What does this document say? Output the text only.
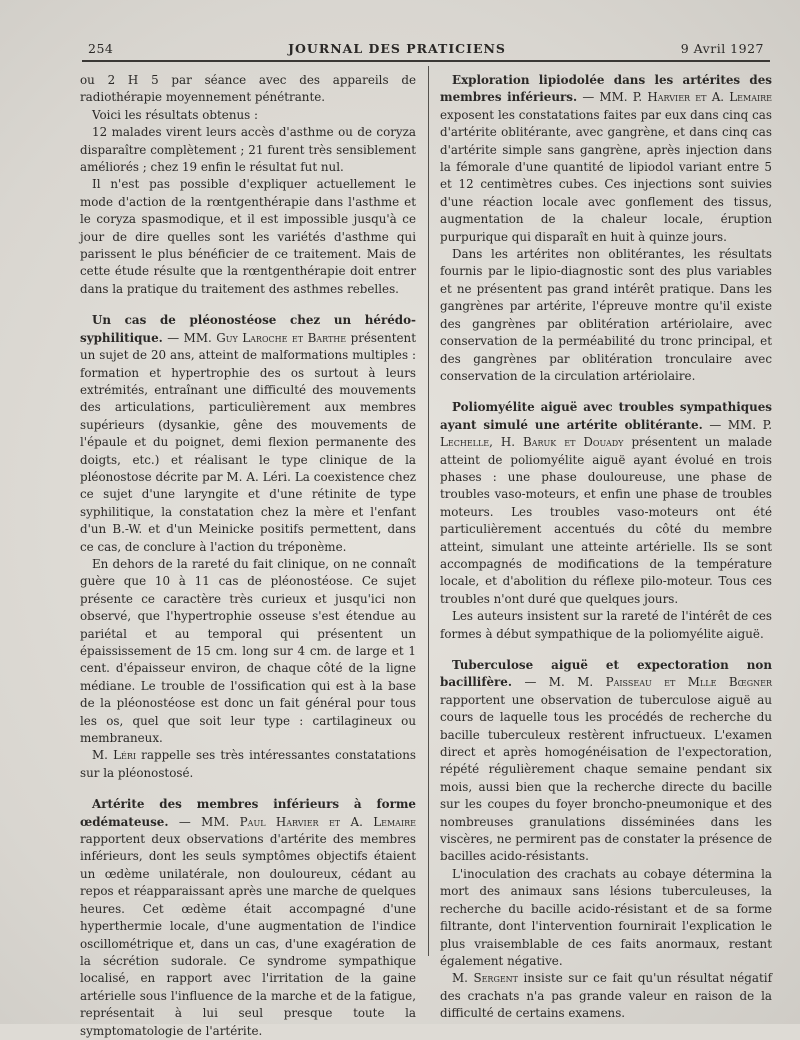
254	JOURNAL DES PRATICIENS	9 Avril 1927

ou 2 H 5 par séance avec des appareils de radiothérapie moyennement pénétrante.

Voici les résultats obtenus :

12 malades virent leurs accès d'asthme ou de coryza disparaître complètement ; 21 furent très sensiblement améliorés ; chez 19 enfin le résultat fut nul.

Il n'est pas possible d'expliquer actuellement le mode d'action de la rœntgenthérapie dans l'asthme et le coryza spasmodique, et il est impossible jusqu'à ce jour de dire quelles sont les variétés d'asthme qui parissent le plus bénéficier de ce traitement. Mais de cette étude résulte que la rœntgenthérapie doit entrer dans la pratique du traitement des asthmes rebelles.

Un cas de pléonostéose chez un hérédo-syphilitique. — MM. Guy Laroche et Barthe présentent un sujet de 20 ans, atteint de malformations multiples : formation et hypertrophie des os surtout à leurs extrémités, entraînant une difficulté des mouvements des articulations, particulièrement aux membres supérieurs (dysankie, gêne des mouvements de l'épaule et du poignet, demi flexion permanente des doigts, etc.) et réalisant le type clinique de la pléonostose décrite par M. A. Léri. La coexistence chez ce sujet d'une laryngite et d'une rétinite de type syphilitique, la constatation chez la mère et l'enfant d'un B.-W. et d'un Meinicke positifs permettent, dans ce cas, de conclure à l'action du tréponème.

En dehors de la rareté du fait clinique, on ne connaît guère que 10 à 11 cas de pléonostéose. Ce sujet présente ce caractère très curieux et jusqu'ici non observé, que l'hypertrophie osseuse s'est étendue au pariétal et au temporal qui présentent un épaississement de 15 cm. long sur 4 cm. de large et 1 cent. d'épaisseur environ, de chaque côté de la ligne médiane. Le trouble de l'ossification qui est à la base de la pléonostéose est donc un fait général pour tous les os, quel que soit leur type : cartilagineux ou membraneux.

M. Léri rappelle ses très intéressantes constatations sur la pléonostosé.

Artérite des membres inférieurs à forme œdémateuse. — MM. Paul Harvier et A. Lemaire rapportent deux observations d'artérite des membres inférieurs, dont les seuls symptômes objectifs étaient un œdème unilatérale, non douloureux, cédant au repos et réapparaissant après une marche de quelques heures. Cet œdème était accompagné d'une hyperthermie locale, d'une augmentation de l'indice oscillométrique et, dans un cas, d'une exagération de la sécrétion sudorale. Ce syndrome sympathique localisé, en rapport avec l'irritation de la gaine artérielle sous l'influence de la marche et de la fatigue, représentait à lui seul presque toute la symptomatologie de l'artérite.

Exploration lipiodolée dans les artérites des membres inférieurs. — MM. P. Harvier et A. Lemaire exposent les constatations faites par eux dans cinq cas d'artérite oblitérante, avec gangrène, et dans cinq cas d'artérite simple sans gangrène, après injection dans la fémorale d'une quantité de lipiodol variant entre 5 et 12 centimètres cubes. Ces injections sont suivies d'une réaction locale avec gonflement des tissus, augmentation de la chaleur locale, éruption purpurique qui disparaît en huit à quinze jours.

Dans les artérites non oblitérantes, les résultats fournis par le lipio-diagnostic sont des plus variables et ne présentent pas grand intérêt pratique. Dans les gangrènes par artérite, l'épreuve montre qu'il existe des gangrènes par oblitération artériolaire, avec conservation de la perméabilité du tronc principal, et des gangrènes par oblitération tronculaire avec conservation de la circulation artériolaire.

Poliomyélite aiguë avec troubles sympathiques ayant simulé une artérite oblitérante. — MM. P. Lechelle, H. Baruk et Douady présentent un malade atteint de poliomyélite aiguë ayant évolué en trois phases : une phase douloureuse, une phase de troubles vaso-moteurs, et enfin une phase de troubles moteurs. Les troubles vaso-moteurs ont été particulièrement accentués du côté du membre atteint, simulant une atteinte artérielle. Ils se sont accompagnés de modifications de la température locale, et d'abolition du réflexe pilo-moteur. Tous ces troubles n'ont duré que quelques jours.

Les auteurs insistent sur la rareté de l'intérêt de ces formes à début sympathique de la poliomyélite aiguë.

Tuberculose aiguë et expectoration non bacillifère. — M. M. Paisseau et Mlle Bœgner rapportent une observation de tuberculose aiguë au cours de laquelle tous les procédés de recherche du bacille tuberculeux restèrent infructueux. L'examen direct et après homogénéisation de l'expectoration, répété régulièrement chaque semaine pendant six mois, aussi bien que la recherche directe du bacille sur les coupes du foyer broncho-pneumonique et des nombreuses granulations disséminées dans les viscères, ne permirent pas de constater la présence de bacilles acido-résistants.

L'inoculation des crachats au cobaye détermina la mort des animaux sans lésions tuberculeuses, la recherche du bacille acido-résistant et de sa forme filtrante, dont l'intervention fournirait l'explication le plus vraisemblable de ces faits anormaux, restant également négative.

M. Sergent insiste sur ce fait qu'un résultat négatif des crachats n'a pas grande valeur en raison de la difficulté de certains examens.
